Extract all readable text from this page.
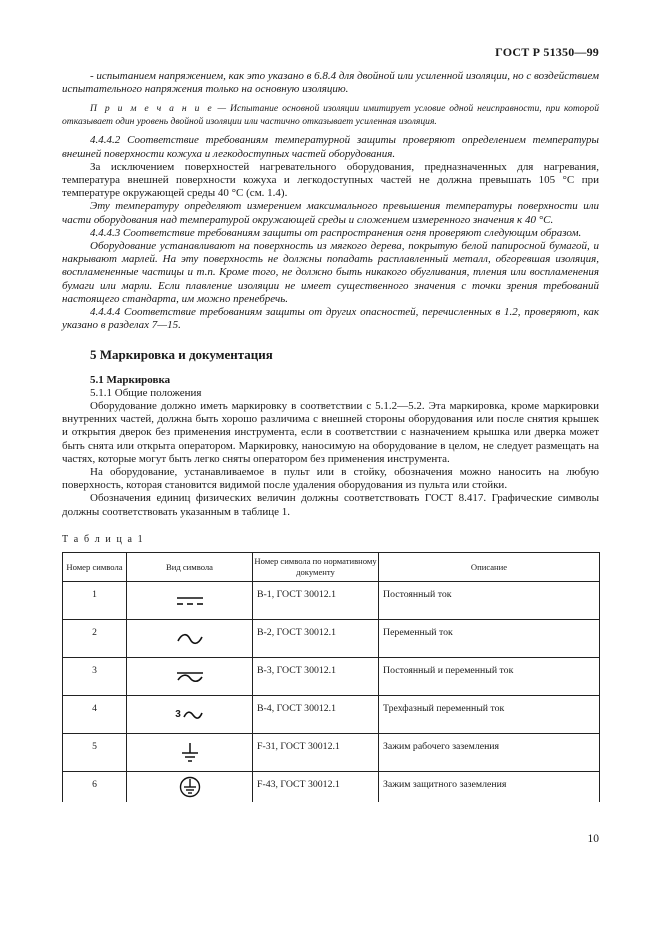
ГОСТ Р 51350—99

- испытанием напряжением, как это указано в 6.8.4 для двойной или усиленной изоляции, но с воздействием испытательного напряжения только на основную изоляцию.

П р и м е ч а н и е — Испытание основной изоляции имитирует условие одной неисправности, при которой отказывает один уровень двойной изоляции или частично отказывает усиленная изоляция.

4.4.4.2 Соответствие требованиям температурной защиты проверяют определением температуры внешней поверхности кожуха и легкодоступных частей оборудования.

За исключением поверхностей нагревательного оборудования, предназначенных для нагревания, температура внешней поверхности кожуха и легкодоступных частей не должна превышать 105 °С при температуре окружающей среды 40 °С (см. 1.4).

Эту температуру определяют измерением максимального превышения температуры поверхности или части оборудования над температурой окружающей среды и сложением измеренного значения к 40 °С.

4.4.4.3 Соответствие требованиям защиты от распространения огня проверяют следующим образом.

Оборудование устанавливают на поверхность из мягкого дерева, покрытую белой папиросной бумагой, и накрывают марлей. На эту поверхность не должны попадать расплавленный металл, обгоревшая изоляция, воспламененные частицы и т.п. Кроме того, не должно быть никакого обугливания, тления или воспламенения бумаги или марли. Если плавление изоляции не имеет существенного значения с точки зрения требований настоящего стандарта, им можно пренебречь.

4.4.4.4 Соответствие требованиям защиты от других опасностей, перечисленных в 1.2, проверяют, как указано в разделах 7—15.

5 Маркировка и документация

5.1 Маркировка

5.1.1 Общие положения

Оборудование должно иметь маркировку в соответствии с 5.1.2—5.2. Эта маркировка, кроме маркировки внутренних частей, должна быть хорошо различима с внешней стороны оборудования или после снятия крышек и открытия дверок без применения инструмента, если в соответствии с назначением крышка или дверка может быть снята или открыта оператором. Маркировку, наносимую на оборудование в целом, не следует размещать на частях, которые могут быть легко сняты оператором без применения инструмента.

На оборудование, устанавливаемое в пульт или в стойку, обозначения можно наносить на любую поверхность, которая становится видимой после удаления оборудования из пульта или стойки.

Обозначения единиц физических величин должны соответствовать ГОСТ 8.417. Графические символы должны соответствовать указанным в таблице 1.

Т а б л и ц а 1

Номер символа	Вид символа	Номер символа по нормативному документу	Описание
1		В-1, ГОСТ 30012.1	Постоянный ток
2		В-2, ГОСТ 30012.1	Переменный ток
3		В-3, ГОСТ 30012.1	Постоянный и переменный ток
4	3	В-4, ГОСТ 30012.1	Трехфазный переменный ток
5		F-31, ГОСТ 30012.1	Зажим рабочего заземления
6		F-43, ГОСТ 30012.1	Зажим защитного заземления
10
